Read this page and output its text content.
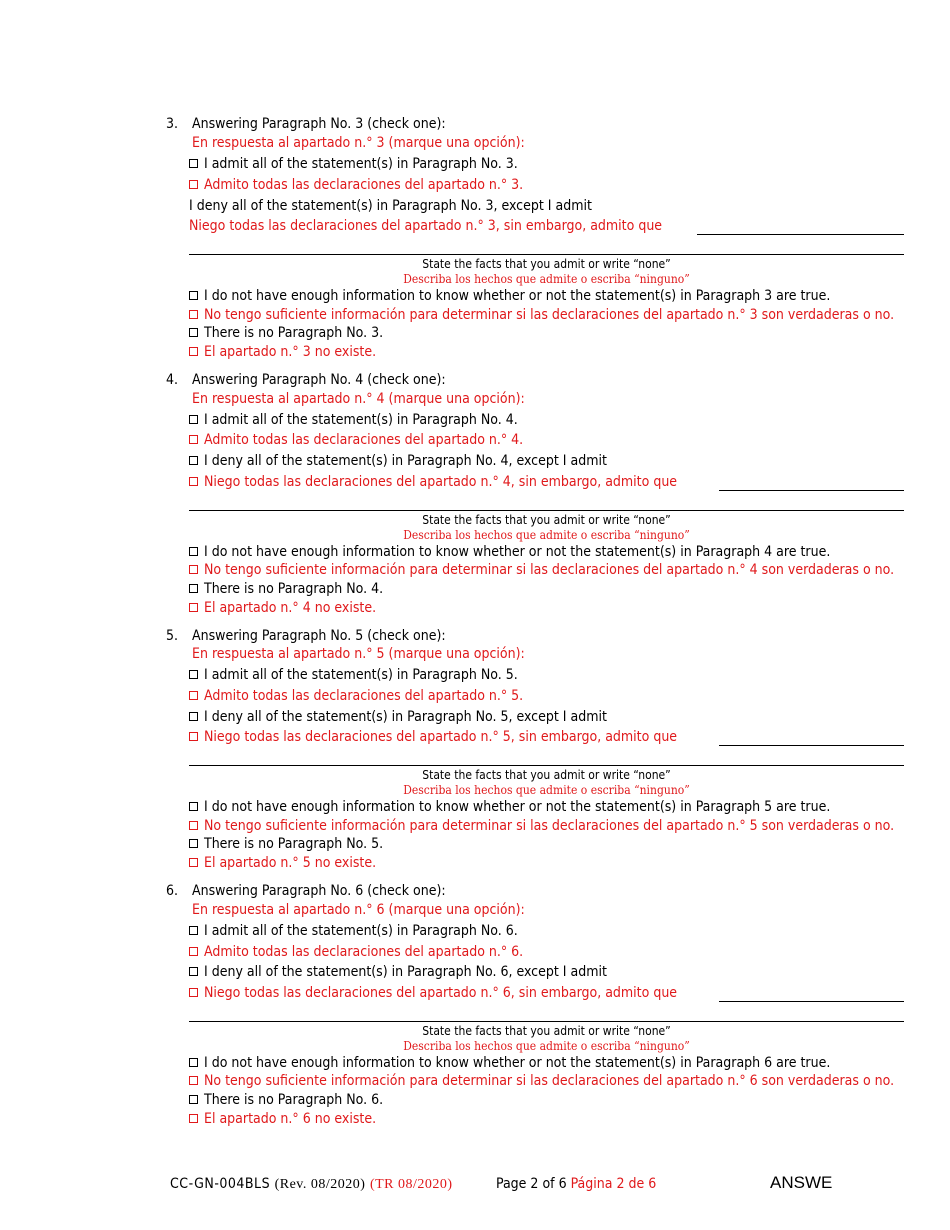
3. Answering Paragraph No. 3 (check one):
En respuesta al apartado n.° 3 (marque una opción):
I admit all of the statement(s) in Paragraph No. 3.
Admito todas las declaraciones del apartado n.° 3.
I deny all of the statement(s) in Paragraph No. 3, except I admit
Niego todas las declaraciones del apartado n.° 3, sin embargo, admito que
State the facts that you admit or write “none”
Describa los hechos que admite o escriba “ninguno”
I do not have enough information to know whether or not the statement(s) in Paragraph 3 are true.
No tengo suficiente información para determinar si las declaraciones del apartado n.° 3 son verdaderas o no.
There is no Paragraph No. 3.
El apartado n.° 3 no existe.
4. Answering Paragraph No. 4 (check one):
En respuesta al apartado n.° 4 (marque una opción):
I admit all of the statement(s) in Paragraph No. 4.
Admito todas las declaraciones del apartado n.° 4.
I deny all of the statement(s) in Paragraph No. 4, except I admit
Niego todas las declaraciones del apartado n.° 4, sin embargo, admito que
State the facts that you admit or write “none”
Describa los hechos que admite o escriba “ninguno”
I do not have enough information to know whether or not the statement(s) in Paragraph 4 are true.
No tengo suficiente información para determinar si las declaraciones del apartado n.° 4 son verdaderas o no.
There is no Paragraph No. 4.
El apartado n.° 4 no existe.
5. Answering Paragraph No. 5 (check one):
En respuesta al apartado n.° 5 (marque una opción):
I admit all of the statement(s) in Paragraph No. 5.
Admito todas las declaraciones del apartado n.° 5.
I deny all of the statement(s) in Paragraph No. 5, except I admit
Niego todas las declaraciones del apartado n.° 5, sin embargo, admito que
State the facts that you admit or write “none”
Describa los hechos que admite o escriba “ninguno”
I do not have enough information to know whether or not the statement(s) in Paragraph 5 are true.
No tengo suficiente información para determinar si las declaraciones del apartado n.° 5 son verdaderas o no.
There is no Paragraph No. 5.
El apartado n.° 5 no existe.
6. Answering Paragraph No. 6 (check one):
En respuesta al apartado n.° 6 (marque una opción):
I admit all of the statement(s) in Paragraph No. 6.
Admito todas las declaraciones del apartado n.° 6.
I deny all of the statement(s) in Paragraph No. 6, except I admit
Niego todas las declaraciones del apartado n.° 6, sin embargo, admito que
State the facts that you admit or write “none”
Describa los hechos que admite o escriba “ninguno”
I do not have enough information to know whether or not the statement(s) in Paragraph 6 are true.
No tengo suficiente información para determinar si las declaraciones del apartado n.° 6 son verdaderas o no.
There is no Paragraph No. 6.
El apartado n.° 6 no existe.
CC-GN-004BLS (Rev. 08/2020) (TR 08/2020)	Page 2 of 6 Página 2 de 6	ANSWE
